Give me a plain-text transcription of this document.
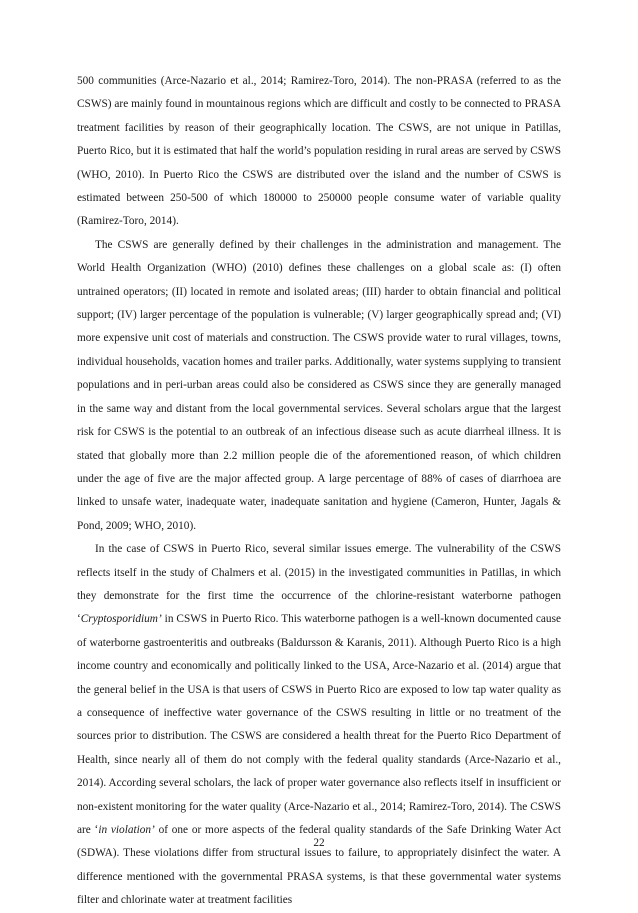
500 communities (Arce-Nazario et al., 2014; Ramirez-Toro, 2014). The non-PRASA (referred to as the CSWS) are mainly found in mountainous regions which are difficult and costly to be connected to PRASA treatment facilities by reason of their geographically location. The CSWS, are not unique in Patillas, Puerto Rico, but it is estimated that half the world’s population residing in rural areas are served by CSWS (WHO, 2010). In Puerto Rico the CSWS are distributed over the island and the number of CSWS is estimated between 250-500 of which 180000 to 250000 people consume water of variable quality (Ramirez-Toro, 2014).

The CSWS are generally defined by their challenges in the administration and management. The World Health Organization (WHO) (2010) defines these challenges on a global scale as: (I) often untrained operators; (II) located in remote and isolated areas; (III) harder to obtain financial and political support; (IV) larger percentage of the population is vulnerable; (V) larger geographically spread and; (VI) more expensive unit cost of materials and construction. The CSWS provide water to rural villages, towns, individual households, vacation homes and trailer parks. Additionally, water systems supplying to transient populations and in peri-urban areas could also be considered as CSWS since they are generally managed in the same way and distant from the local governmental services. Several scholars argue that the largest risk for CSWS is the potential to an outbreak of an infectious disease such as acute diarrheal illness. It is stated that globally more than 2.2 million people die of the aforementioned reason, of which children under the age of five are the major affected group. A large percentage of 88% of cases of diarrhoea are linked to unsafe water, inadequate water, inadequate sanitation and hygiene (Cameron, Hunter, Jagals & Pond, 2009; WHO, 2010).

In the case of CSWS in Puerto Rico, several similar issues emerge. The vulnerability of the CSWS reflects itself in the study of Chalmers et al. (2015) in the investigated communities in Patillas, in which they demonstrate for the first time the occurrence of the chlorine-resistant waterborne pathogen ‘Cryptosporidium’ in CSWS in Puerto Rico. This waterborne pathogen is a well-known documented cause of waterborne gastroenteritis and outbreaks (Baldursson & Karanis, 2011). Although Puerto Rico is a high income country and economically and politically linked to the USA, Arce-Nazario et al. (2014) argue that the general belief in the USA is that users of CSWS in Puerto Rico are exposed to low tap water quality as a consequence of ineffective water governance of the CSWS resulting in little or no treatment of the sources prior to distribution. The CSWS are considered a health threat for the Puerto Rico Department of Health, since nearly all of them do not comply with the federal quality standards (Arce-Nazario et al., 2014). According several scholars, the lack of proper water governance also reflects itself in insufficient or non-existent monitoring for the water quality (Arce-Nazario et al., 2014; Ramirez-Toro, 2014). The CSWS are ‘in violation’ of one or more aspects of the federal quality standards of the Safe Drinking Water Act (SDWA). These violations differ from structural issues to failure, to appropriately disinfect the water. A difference mentioned with the governmental PRASA systems, is that these governmental water systems filter and chlorinate water at treatment facilities

22
